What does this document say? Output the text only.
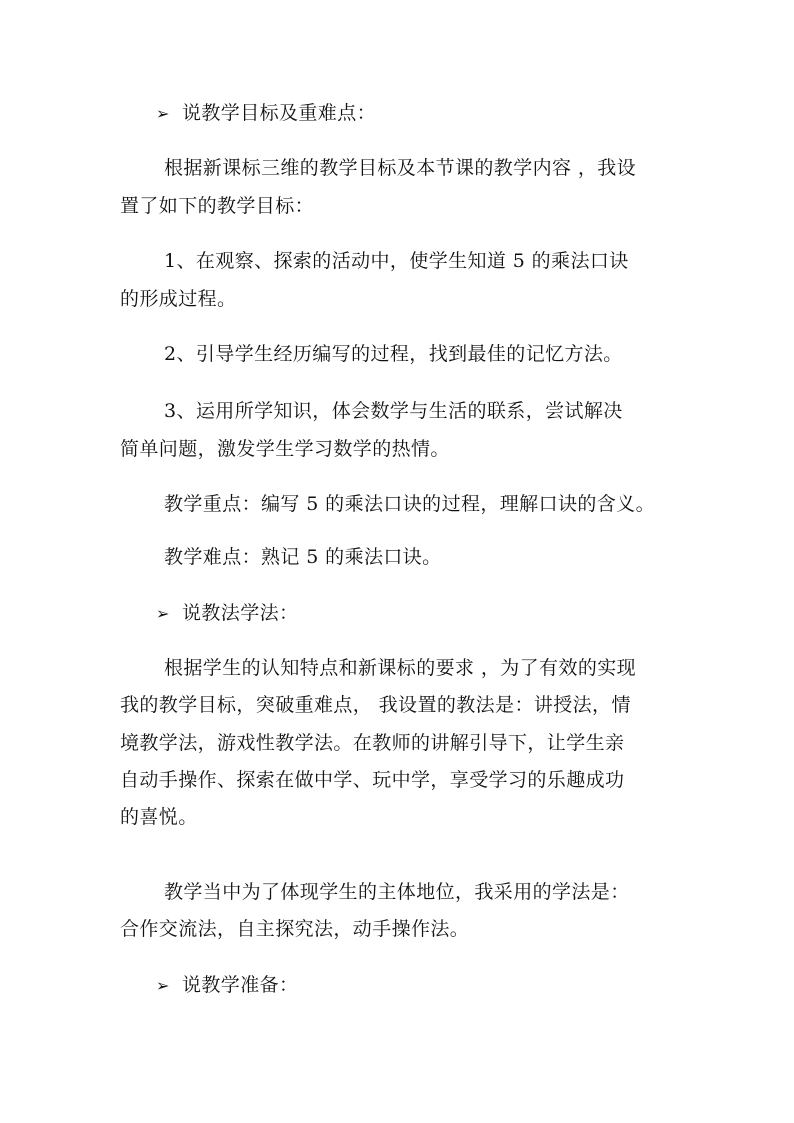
➢ 说教学目标及重难点：
根据新课标三维的教学目标及本节课的教学内容 ，我设
置了如下的教学目标：
1、在观察、探索的活动中，使学生知道 5 的乘法口诀
的形成过程。
2、引导学生经历编写的过程，找到最佳的记忆方法。
3、运用所学知识，体会数学与生活的联系，尝试解决
简单问题，激发学生学习数学的热情。
教学重点：编写 5 的乘法口诀的过程，理解口诀的含义。
教学难点：熟记 5 的乘法口诀。
➢ 说教法学法：
根据学生的认知特点和新课标的要求 ，为了有效的实现
我的教学目标，突破重难点， 我设置的教法是：讲授法，情
境教学法，游戏性教学法。在教师的讲解引导下，让学生亲
自动手操作、探索在做中学、玩中学，享受学习的乐趣成功
的喜悦。
教学当中为了体现学生的主体地位，我采用的学法是：
合作交流法，自主探究法，动手操作法。
➢ 说教学准备：
